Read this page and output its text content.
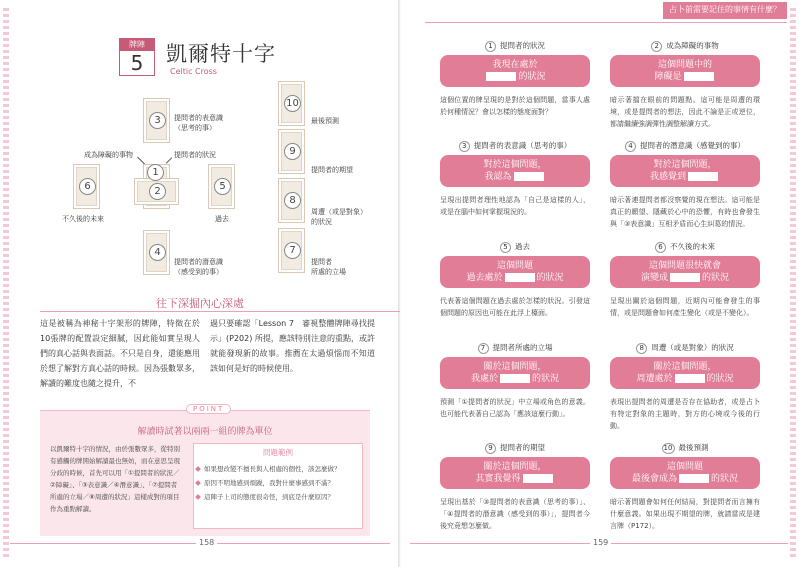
占卜前需要記住的事情有什麼？
158	159
牌陣
5	凱爾特十字
Celtic Cross
3
2
1
6	5
4
10
9
8
7
提問者的表意識
（思考的事）
提問者的狀況
成為障礙的事物
不久後的未來	過去
提問者的潛意識
（感受到的事）
最後預測
提問者的期望
周遭（或是對象）
的狀況
提問者
所處的立場
往下深掘內心深處
這是被稱為神秘十字架形的牌陣，特徵在於10張牌的配置設定細膩，因此能如實呈現人們的真心話與表面話。不只是自身，還能應用於想了解對方真心話的時候。因為張數眾多，解讀的難度也隨之提升，不
過只要確認「Lesson 7　審視整體牌陣尋找提示」(P202) 所提，應該特別注意的重點，或許就能發現新的故事。推薦在太過煩惱而不知道該如何是好的時候使用。
POINT
解讀時試著以兩兩一組的牌為單位
以凱爾特十字的情況，由於張數眾多，從特別有感觸的牌開始解讀最也無妨，而在意思呈現分歧的時候，首先可以用「①提問者的狀況／②障礙」、「③表意識／④潛意識」、「⑦提問者所處的立場／⑧周遭的狀況」這樣成對的項目作為重點解讀。
問題範例
如果想改變不擅長與人相處的個性，該怎麼做？
原因不明地感到煩躁，我對什麼事感到不滿？
這陣子上司的態度很奇怪，到底是什麼原因？
1 提問者的狀況
我現在處於
的狀況
這個位置的牌呈現的是對於這個問題，當事人處於何種情況？會以怎樣的態度面對？
2 成為障礙的事物
這個問題中的
障礙是
暗示著擋在眼前的問題點。這可能是周遭的環境，或是提問者的想法，因此不論是正或逆位，都請繼續強調彈性調整解讀方式。
3 提問者的表意識（思考的事）
對於這個問題，
我認為
呈現出提問者理性地認為「自己是這樣的人」，或是在腦中如何掌握現況的。
4 提問者的潛意識（感覺到的事）
對於這個問題，
我感覺到
暗示著連提問者都沒察覺的現在想法。這可能是真正的願望、隱藏於心中的恐懼，有時也會發生與「③表意識」互相矛盾而心生糾葛的情況。
5 過去
這個問題
過去處於	的狀況
代表著這個問題在過去處於怎樣的狀況。引發這個問題的原因也可能在此浮上檯面。
6 不久後的未來
這個問題很快就會
演變成	的狀況
呈現出關於這個問題，近期內可能會發生的事情，或是問題會如何產生變化（或是不變化）。
7 提問者所處的立場
關於這個問題，
我處於	的狀況
預測「①提問者的狀況」中立場或角色的意義。也可能代表著自己認為「應該這麼行動」。
8 周遭（或是對象）的狀況
關於這個問題，
周遭處於	的狀況
表現出提問者的周遭是否存在協助者，或是占卜有特定對象的主題時，對方的心境或今後的行動。
9 提問者的期望
關於這個問題，
其實我覺得
呈現出基於「③提問者的表意識（思考的事）」、「④提問者的潛意識（感受到的事）」，提問者今後究竟想怎麼做。
10 最後預測
這個問題
最後會成為	的狀況
暗示著問題會如何任何結局，對提問者而言擁有什麼意義。如果出現不期望的牌，就請當成是建言牌（P172）。
